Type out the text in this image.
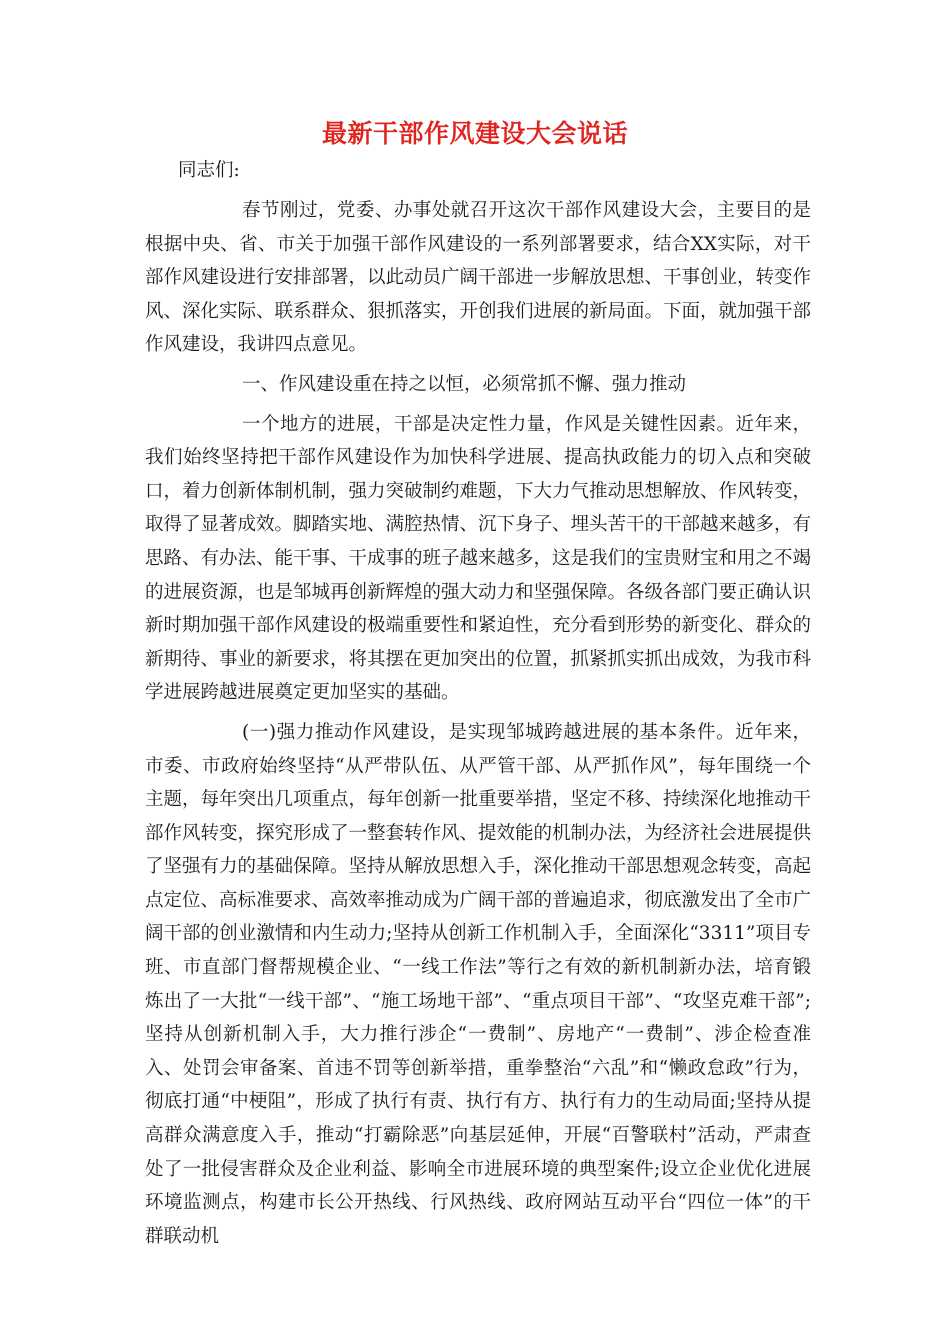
最新干部作风建设大会说话
同志们:

春节刚过，党委、办事处就召开这次干部作风建设大会，主要目的是根据中央、省、市关于加强干部作风建设的一系列部署要求，结合XX实际，对干部作风建设进行安排部署，以此动员广阔干部进一步解放思想、干事创业，转变作风、深化实际、联系群众、狠抓落实，开创我们进展的新局面。下面，就加强干部作风建设，我讲四点意见。

一、作风建设重在持之以恒，必须常抓不懈、强力推动

一个地方的进展，干部是决定性力量，作风是关键性因素。近年来，我们始终坚持把干部作风建设作为加快科学进展、提高执政能力的切入点和突破口，着力创新体制机制，强力突破制约难题，下大力气推动思想解放、作风转变，取得了显著成效。脚踏实地、满腔热情、沉下身子、埋头苦干的干部越来越多，有思路、有办法、能干事、干成事的班子越来越多，这是我们的宝贵财宝和用之不竭的进展资源，也是邹城再创新辉煌的强大动力和坚强保障。各级各部门要正确认识新时期加强干部作风建设的极端重要性和紧迫性，充分看到形势的新变化、群众的新期待、事业的新要求，将其摆在更加突出的位置，抓紧抓实抓出成效，为我市科学进展跨越进展奠定更加坚实的基础。

(一)强力推动作风建设，是实现邹城跨越进展的基本条件。近年来，市委、市政府始终坚持“从严带队伍、从严管干部、从严抓作风”，每年围绕一个主题，每年突出几项重点，每年创新一批重要举措，坚定不移、持续深化地推动干部作风转变，探究形成了一整套转作风、提效能的机制办法，为经济社会进展提供了坚强有力的基础保障。坚持从解放思想入手，深化推动干部思想观念转变，高起点定位、高标准要求、高效率推动成为广阔干部的普遍追求，彻底激发出了全市广阔干部的创业激情和内生动力;坚持从创新工作机制入手，全面深化“3311”项目专班、市直部门督帮规模企业、“一线工作法”等行之有效的新机制新办法，培育锻炼出了一大批“一线干部”、“施工场地干部”、“重点项目干部”、“攻坚克难干部”;坚持从创新机制入手，大力推行涉企“一费制”、房地产“一费制”、涉企检查准入、处罚会审备案、首违不罚等创新举措，重拳整治“六乱”和“懒政怠政”行为，彻底打通“中梗阻”，形成了执行有责、执行有方、执行有力的生动局面;坚持从提高群众满意度入手，推动“打霸除恶”向基层延伸，开展“百警联村”活动，严肃查处了一批侵害群众及企业利益、影响全市进展环境的典型案件;设立企业优化进展环境监测点，构建市长公开热线、行风热线、政府网站互动平台“四位一体”的干群联动机
